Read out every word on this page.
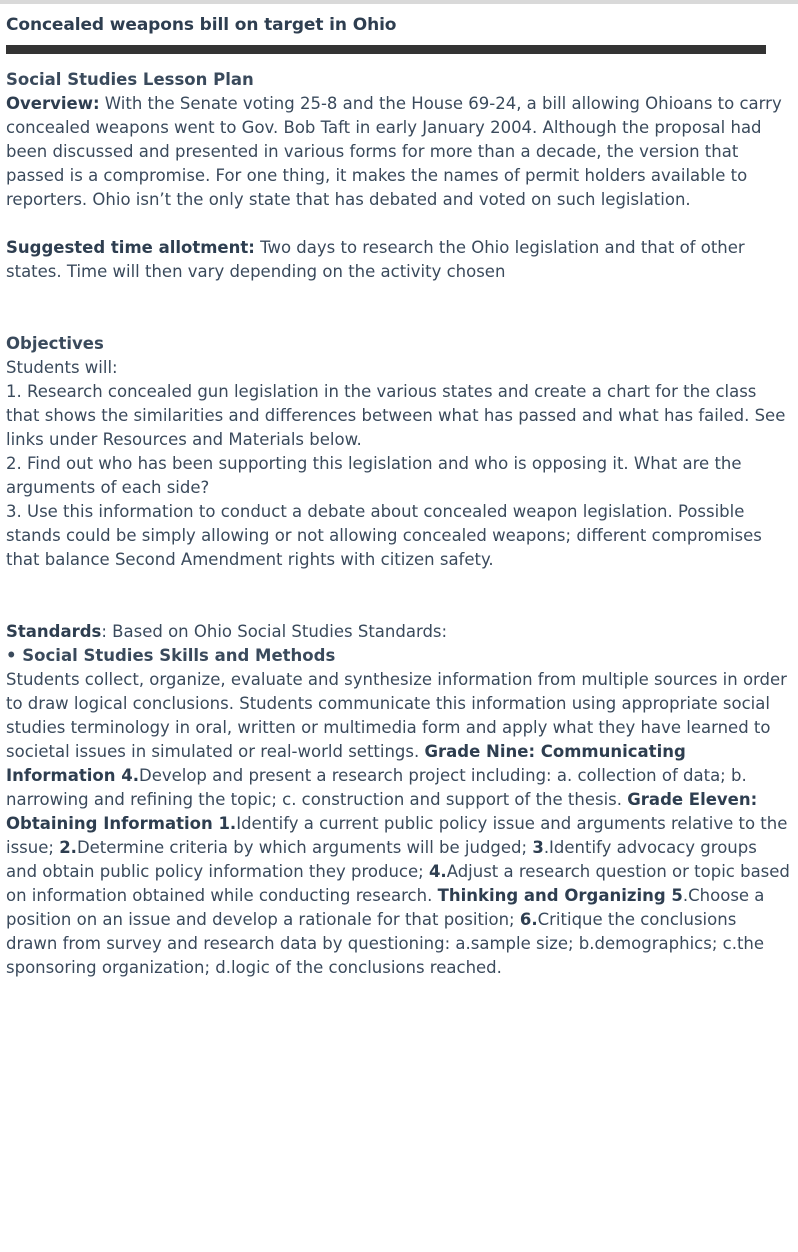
Concealed weapons bill on target in Ohio

Social Studies Lesson Plan

Overview: With the Senate voting 25-8 and the House 69-24, a bill allowing Ohioans to carry concealed weapons went to Gov. Bob Taft in early January 2004. Although the proposal had been discussed and presented in various forms for more than a decade, the version that passed is a compromise. For one thing, it makes the names of permit holders available to reporters. Ohio isn’t the only state that has debated and voted on such legislation.

Suggested time allotment: Two days to research the Ohio legislation and that of other states. Time will then vary depending on the activity chosen

Objectives

Students will:

1. Research concealed gun legislation in the various states and create a chart for the class that shows the similarities and differences between what has passed and what has failed. See links under Resources and Materials below.

2. Find out who has been supporting this legislation and who is opposing it. What are the arguments of each side?

3. Use this information to conduct a debate about concealed weapon legislation. Possible stands could be simply allowing or not allowing concealed weapons; different compromises that balance Second Amendment rights with citizen safety.

Standards: Based on Ohio Social Studies Standards:

• Social Studies Skills and Methods

Students collect, organize, evaluate and synthesize information from multiple sources in order to draw logical conclusions. Students communicate this information using appropriate social studies terminology in oral, written or multimedia form and apply what they have learned to societal issues in simulated or real-world settings. Grade Nine: Communicating Information 4.Develop and present a research project including: a. collection of data; b. narrowing and refining the topic; c. construction and support of the thesis. Grade Eleven: Obtaining Information 1.Identify a current public policy issue and arguments relative to the issue; 2.Determine criteria by which arguments will be judged; 3.Identify advocacy groups and obtain public policy information they produce; 4.Adjust a research question or topic based on information obtained while conducting research. Thinking and Organizing 5.Choose a position on an issue and develop a rationale for that position; 6.Critique the conclusions drawn from survey and research data by questioning: a.sample size; b.demographics; c.the sponsoring organization; d.logic of the conclusions reached.
